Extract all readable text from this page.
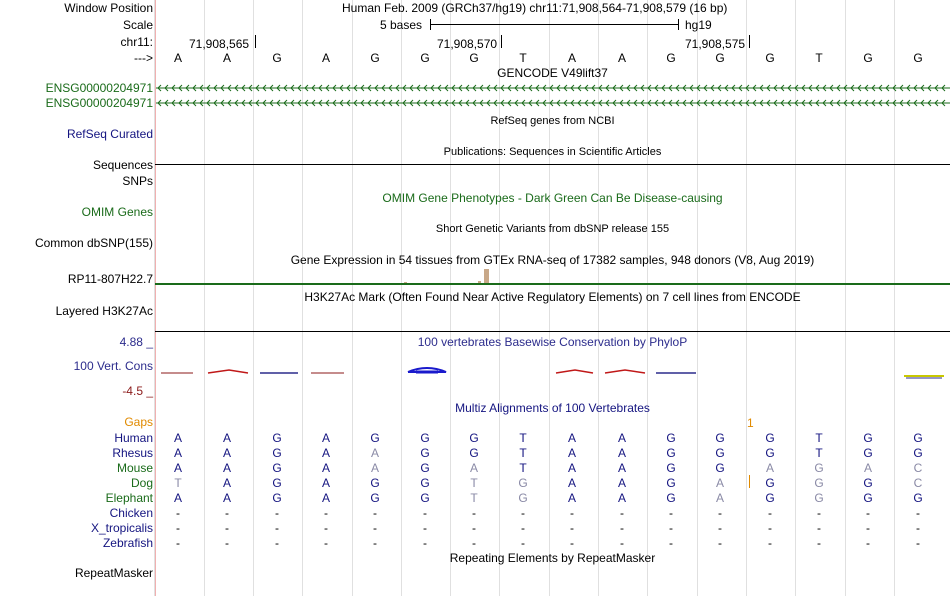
Window Position	Human Feb. 2009 (GRCh37/hg19) chr11:71,908,564-71,908,579 (16 bp)
Scale	5 bases	hg19
chr11:	71,908,565	71,908,570	71,908,575
---> A	A	G	A	G	G	G	T	A	A	G	G	G	T	G	G
GENCODE V49lift37
ENSG00000204971
ENSG00000204971
RefSeq genes from NCBI
RefSeq Curated
Publications: Sequences in Scientific Articles
Sequences
SNPs
OMIM Gene Phenotypes - Dark Green Can Be Disease-causing
OMIM Genes
Short Genetic Variants from dbSNP release 155
Common dbSNP(155)
Gene Expression in 54 tissues from GTEx RNA-seq of 17382 samples, 948 donors (V8, Aug 2019)
RP11-807H22.7
H3K27Ac Mark (Often Found Near Active Regulatory Elements) on 7 cell lines from ENCODE
Layered H3K27Ac
100 vertebrates Basewise Conservation by PhyloP
4.88 _
100 Vert. Cons
-4.5 _
Multiz Alignments of 100 Vertebrates
Gaps	1
Human A	A	G	A	G	G	G	T	A	A	G	G	G	T	G	G
Rhesus A	A	G	A	A	G	G	T	A	A	G	G	G	T	G	G
Mouse A	A	G	A	A	G	A	T	A	A	G	G	A	G	A	C
Dog T	A	G	A	G	G	T	G	A	A	G	A	G	G	G	C
Elephant A	A	G	A	G	G	T	G	A	A	G	A	G	G	G	G
Chicken	-	-	-	-	-	-	-	-	-	-	-	-	-	-	-	-
X_tropicalis	-	-	-	-	-	-	-	-	-	-	-	-	-	-	-	-
Zebrafish	-	-	-	-	-	-	-	-	-	-	-	-	-	-	-	-
Repeating Elements by RepeatMasker
RepeatMasker
